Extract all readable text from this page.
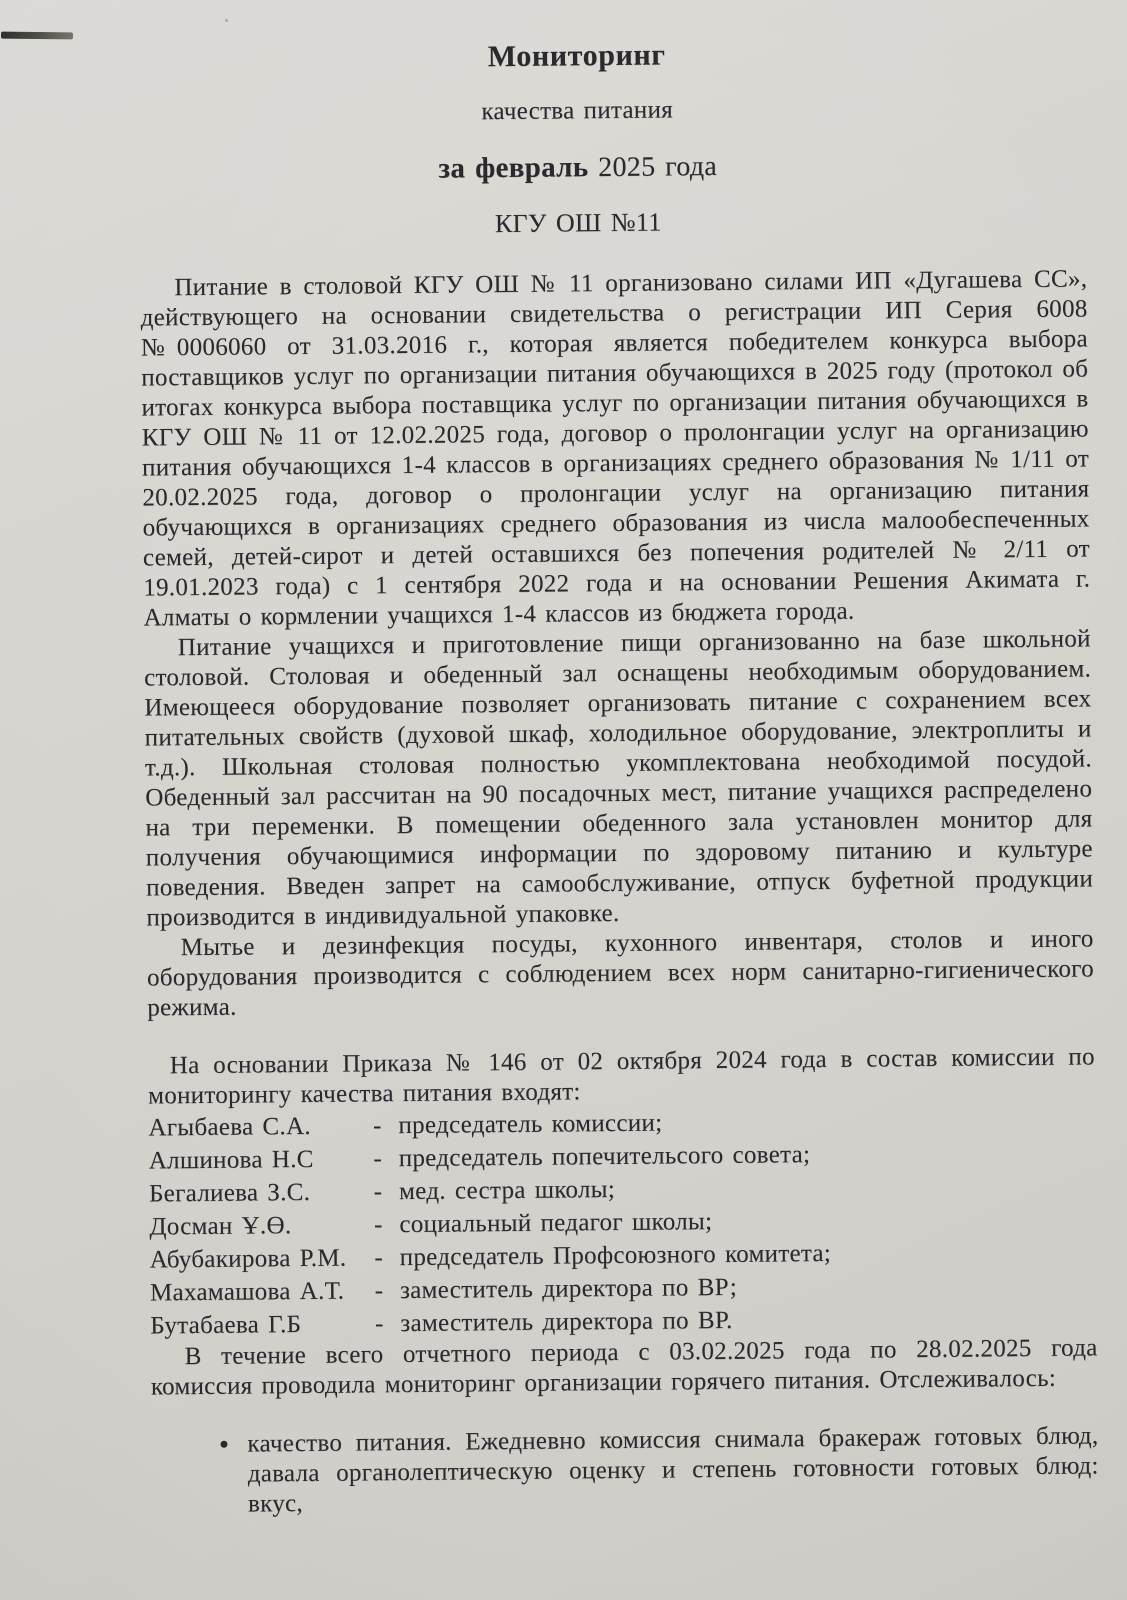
Мониторинг
качества питания
за февраль 2025 года
КГУ ОШ №11

Питание в столовой КГУ ОШ № 11 организовано силами ИП «Дугашева СС», действующего на основании свидетельства о регистрации ИП Серия 6008 №0006060 от 31.03.2016 г., которая является победителем конкурса выбора поставщиков услуг по организации питания обучающихся в 2025 году (протокол об итогах конкурса выбора поставщика услуг по организации питания обучающихся в КГУ ОШ № 11 от 12.02.2025 года, договор о пролонгации услуг на организацию питания обучающихся 1-4 классов в организациях среднего образования № 1/11 от 20.02.2025 года, договор о пролонгации услуг на организацию питания обучающихся в организациях среднего образования из числа малообеспеченных семей, детей-сирот и детей оставшихся без попечения родителей № 2/11 от 19.01.2023 года) с 1 сентября 2022 года и на основании Решения Акимата г. Алматы о кормлении учащихся 1-4 классов из бюджета города.

Питание учащихся и приготовление пищи организованно на базе школьной столовой. Столовая и обеденный зал оснащены необходимым оборудованием. Имеющееся оборудование позволяет организовать питание с сохранением всех питательных свойств (духовой шкаф, холодильное оборудование, электроплиты и т.д.). Школьная столовая полностью укомплектована необходимой посудой. Обеденный зал рассчитан на 90 посадочных мест, питание учащихся распределено на три переменки. В помещении обеденного зала установлен монитор для получения обучающимися информации по здоровому питанию и культуре поведения. Введен запрет на самообслуживание, отпуск буфетной продукции производится в индивидуальной упаковке.

Мытье и дезинфекция посуды, кухонного инвентаря, столов и иного оборудования производится с соблюдением всех норм санитарно-гигиенического режима.

На основании Приказа № 146 от 02 октября 2024 года в состав комиссии по мониторингу качества питания входят:

Агыбаева С.А.	- председатель комиссии;
Алшинова Н.С	- председатель попечительсого совета;
Бегалиева З.С.	- мед. сестра школы;
Досман Ұ.Ө.	- социальный педагог школы;
Абубакирова Р.М.	- председатель Профсоюзного комитета;
Махамашова А.Т.	- заместитель директора по ВР;
Бутабаева Г.Б	- заместитель директора по ВР.

В течение всего отчетного периода с 03.02.2025 года по 28.02.2025 года комиссия проводила мониторинг организации горячего питания. Отслеживалось:

• качество питания. Ежедневно комиссия снимала бракераж готовых блюд, давала органолептическую оценку и степень готовности готовых блюд: вкус,
